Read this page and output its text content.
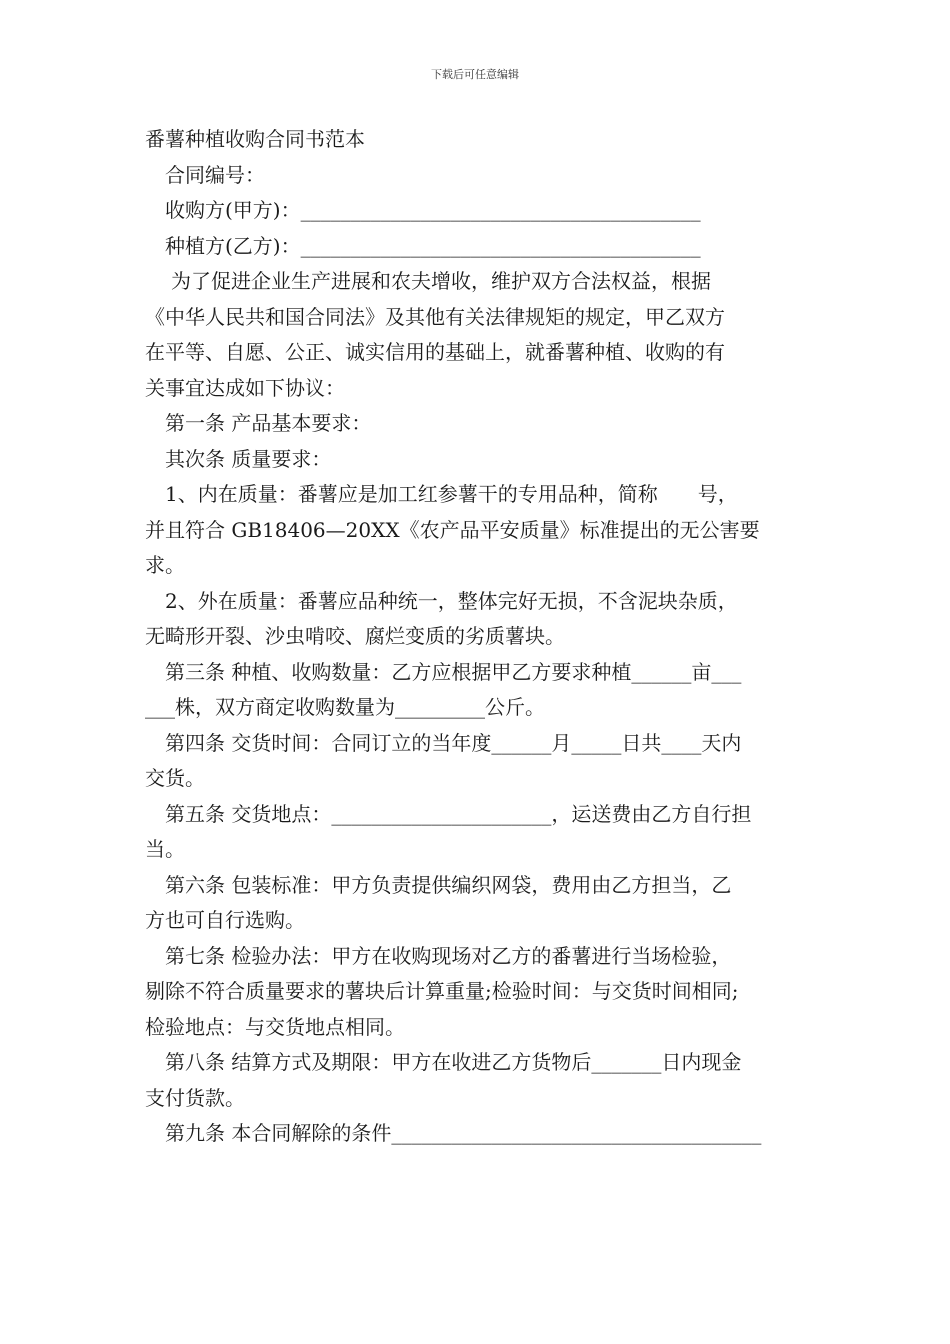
下载后可任意编辑
番薯种植收购合同书范本
合同编号：
收购方(甲方)：________________________________________
种植方(乙方)：________________________________________
为了促进企业生产进展和农夫增收，维护双方合法权益，根据
《中华人民共和国合同法》及其他有关法律规矩的规定，甲乙双方
在平等、自愿、公正、诚实信用的基础上，就番薯种植、收购的有
关事宜达成如下协议：
第一条 产品基本要求：
其次条 质量要求：
1、内在质量：番薯应是加工红参薯干的专用品种，简称　　号，
并且符合 GB18406—20XX《农产品平安质量》标准提出的无公害要
求。
2、外在质量：番薯应品种统一，整体完好无损，不含泥块杂质，
无畸形开裂、沙虫啃咬、腐烂变质的劣质薯块。
第三条 种植、收购数量：乙方应根据甲乙方要求种植______亩___
___株，双方商定收购数量为_________公斤。
第四条 交货时间：合同订立的当年度______月_____日共____天内
交货。
第五条 交货地点：______________________，运送费由乙方自行担
当。
第六条 包装标准：甲方负责提供编织网袋，费用由乙方担当，乙
方也可自行选购。
第七条 检验办法：甲方在收购现场对乙方的番薯进行当场检验，
剔除不符合质量要求的薯块后计算重量;检验时间：与交货时间相同;
检验地点：与交货地点相同。
第八条 结算方式及期限：甲方在收进乙方货物后_______日内现金
支付货款。
第九条 本合同解除的条件_____________________________________
